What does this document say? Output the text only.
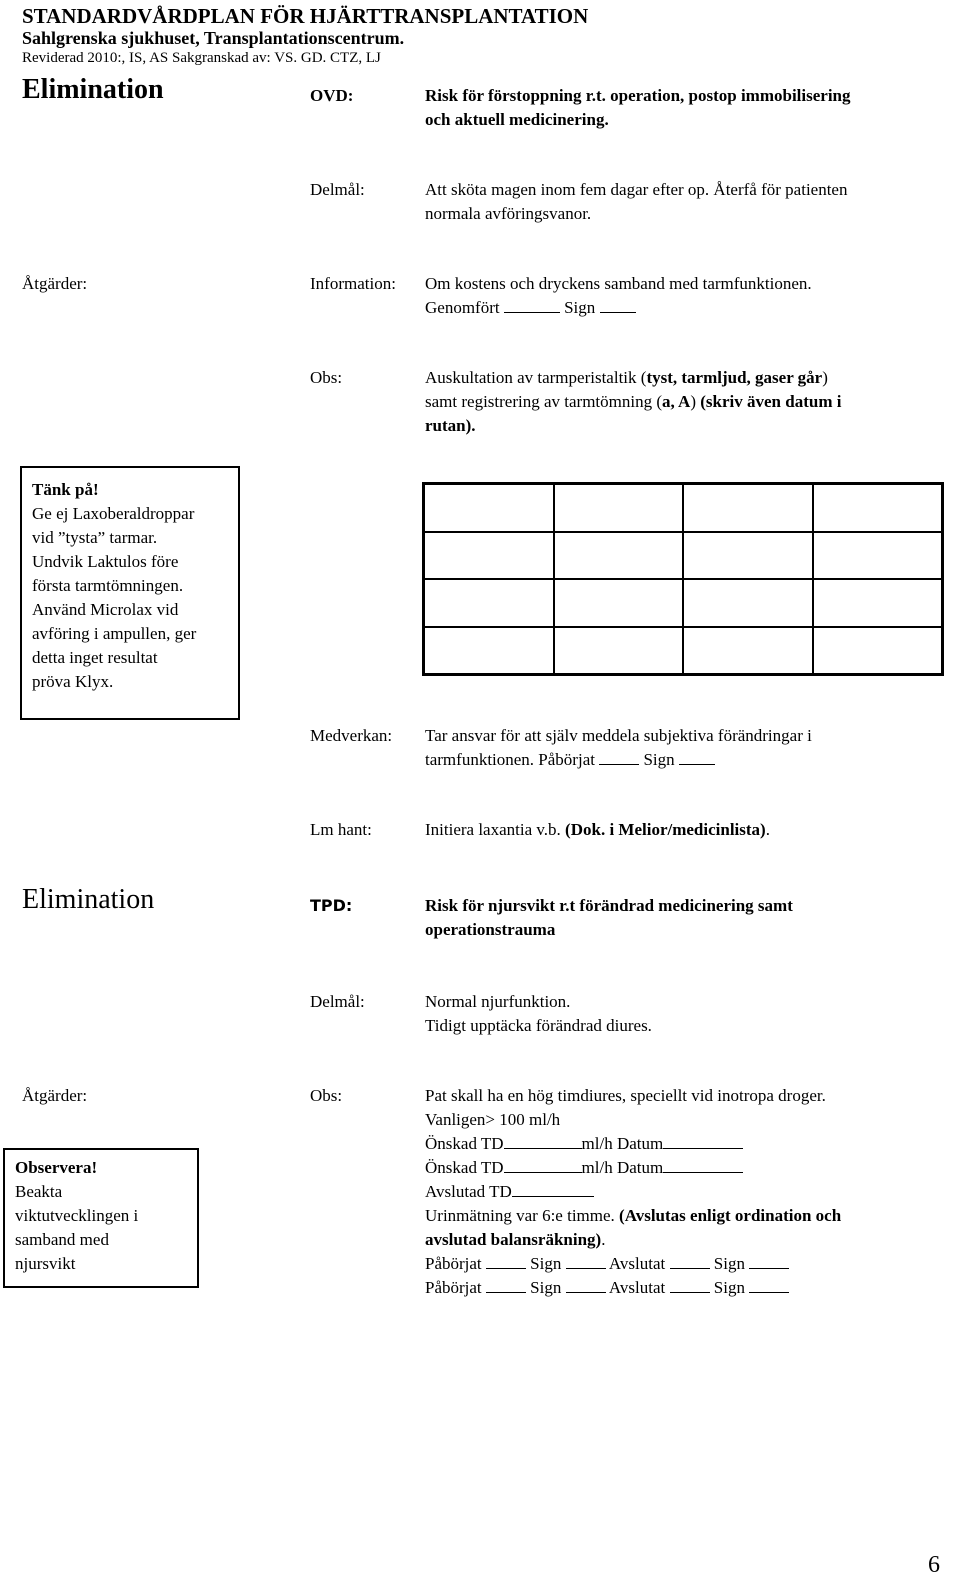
STANDARDVÅRDPLAN FÖR HJÄRTTRANSPLANTATION
Sahlgrenska sjukhuset, Transplantationscentrum.
Reviderad 2010:, IS, AS Sakgranskad av: VS. GD. CTZ, LJ
Elimination	OVD:	Risk för förstoppning r.t. operation, postop immobilisering
och aktuell medicinering.
Delmål:	Att sköta magen inom fem dagar efter op. Återfå för patienten
normala avföringsvanor.
Åtgärder:	Information: Om kostens och dryckens samband med tarmfunktionen.
Genomfört	Sign
Obs:	Auskultation av tarmperistaltik (tyst, tarmljud, gaser går)
samt registrering av tarmtömning (a, A) (skriv även datum i
rutan).
Tänk på!
Ge ej Laxoberaldroppar
vid ”tysta” tarmar.
Undvik Laktulos före
första tarmtömningen.
Använd Microlax vid
avföring i ampullen, ger
detta inget resultat
pröva Klyx.
Medverkan: Tar ansvar för att själv meddela subjektiva förändringar i
tarmfunktionen. Påbörjat	Sign
Lm hant:	Initiera laxantia v.b. (Dok. i Melior/medicinlista).
Elimination	TPD:	Risk för njursvikt r.t förändrad medicinering samt
operationstrauma
Delmål:	Normal njurfunktion.
Tidigt upptäcka förändrad diures.
Åtgärder:	Obs:	Pat skall ha en hög timdiures, speciellt vid inotropa droger.
Vanligen> 100 ml/h
Önskad TD	ml/h Datum
Önskad TD	ml/h Datum
Avslutad TD
Urinmätning var 6:e timme. (Avslutas enligt ordination och
avslutad balansräkning).
Påbörjat	Sign	Avslutat	Sign
Påbörjat	Sign	Avslutat	Sign
Observera!
Beakta
viktutvecklingen i
samband med
njursvikt
6
